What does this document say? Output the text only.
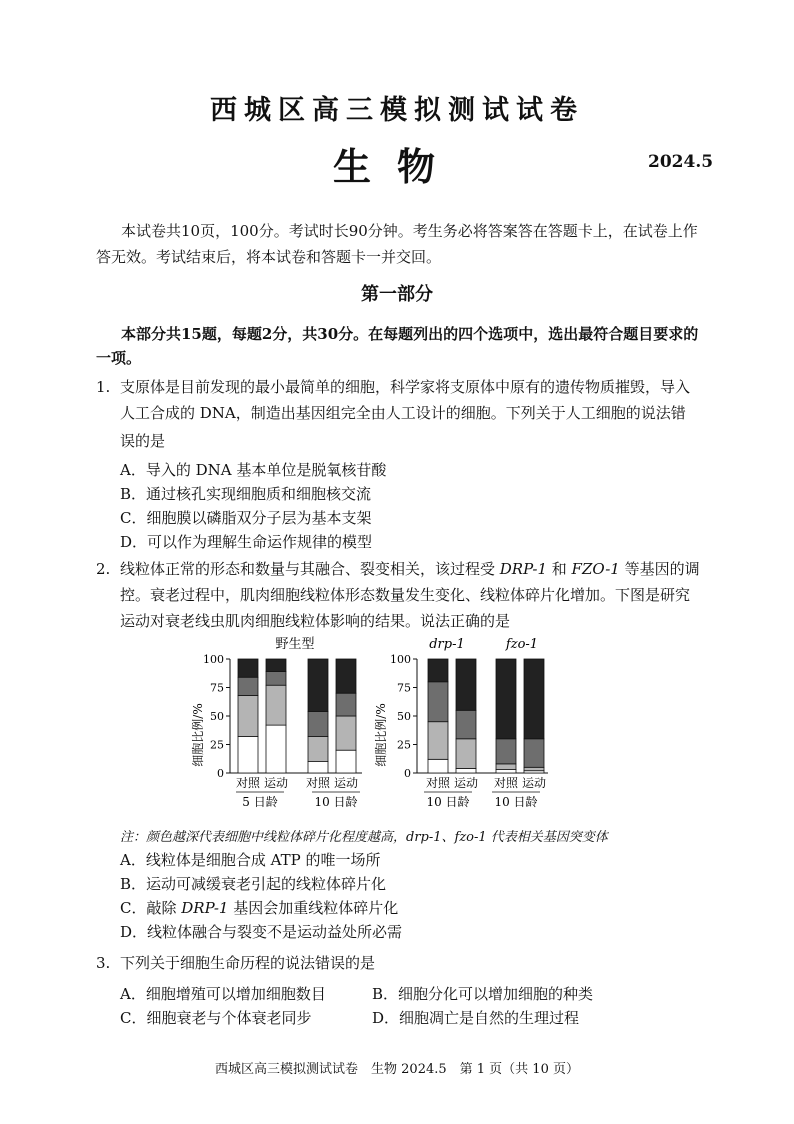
西城区高三模拟测试试卷
生物	2024.5
本试卷共10页，100分。考试时长90分钟。考生务必将答案答在答题卡上，在试卷上作答无效。考试结束后，将本试卷和答题卡一并交回。
第一部分
本部分共15题，每题2分，共30分。在每题列出的四个选项中，选出最符合题目要求的一项。
1. 支原体是目前发现的最小最简单的细胞，科学家将支原体中原有的遗传物质摧毁，导入
人工合成的 DNA，制造出基因组完全由人工设计的细胞。下列关于人工细胞的说法错
误的是
A．导入的 DNA 基本单位是脱氧核苷酸
B．通过核孔实现细胞质和细胞核交流
C．细胞膜以磷脂双分子层为基本支架
D．可以作为理解生命运作规律的模型
2. 线粒体正常的形态和数量与其融合、裂变相关，该过程受 DRP-1 和 FZO-1 等基因的调
控。衰老过程中，肌肉细胞线粒体形态数量发生变化、线粒体碎片化增加。下图是研究
运动对衰老线虫肌肉细胞线粒体影响的结果。说法正确的是
野生型
细胞比例/%
0
25
50
75
100
对照 运动 对照 运动
5 日龄	10 日龄
drp-1	fzo-1
细胞比例/%
0
25
50
75
100
对照 运动 对照 运动
10 日龄 10 日龄
注：颜色越深代表细胞中线粒体碎片化程度越高，drp-1、fzo-1 代表相关基因突变体
A．线粒体是细胞合成 ATP 的唯一场所
B．运动可减缓衰老引起的线粒体碎片化
C．敲除 DRP-1 基因会加重线粒体碎片化
D．线粒体融合与裂变不是运动益处所必需
3. 下列关于细胞生命历程的说法错误的是
A．细胞增殖可以增加细胞数目	B．细胞分化可以增加细胞的种类
C．细胞衰老与个体衰老同步	D．细胞凋亡是自然的生理过程
西城区高三模拟测试试卷　生物 2024.5　第 1 页（共 10 页）
